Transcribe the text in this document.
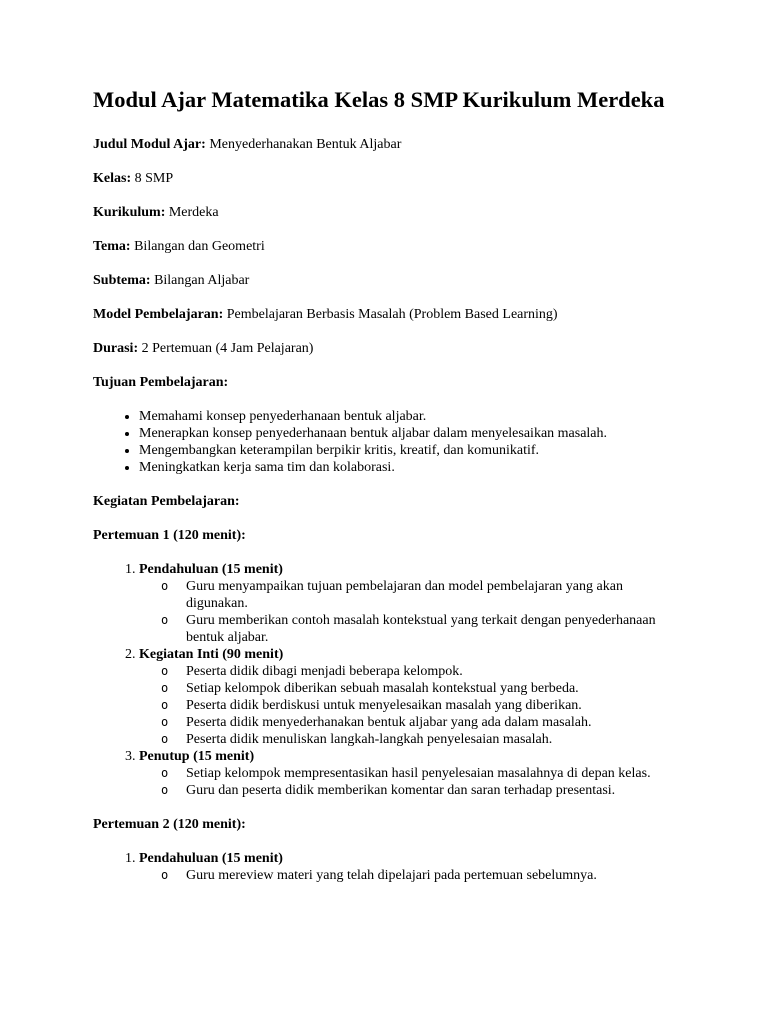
Modul Ajar Matematika Kelas 8 SMP Kurikulum Merdeka

Judul Modul Ajar: Menyederhanakan Bentuk Aljabar

Kelas: 8 SMP

Kurikulum: Merdeka

Tema: Bilangan dan Geometri

Subtema: Bilangan Aljabar

Model Pembelajaran: Pembelajaran Berbasis Masalah (Problem Based Learning)

Durasi: 2 Pertemuan (4 Jam Pelajaran)

Tujuan Pembelajaran:

• Memahami konsep penyederhanaan bentuk aljabar.
• Menerapkan konsep penyederhanaan bentuk aljabar dalam menyelesaikan masalah.
• Mengembangkan keterampilan berpikir kritis, kreatif, dan komunikatif.
• Meningkatkan kerja sama tim dan kolaborasi.

Kegiatan Pembelajaran:

Pertemuan 1 (120 menit):

1. Pendahuluan (15 menit)
o Guru menyampaikan tujuan pembelajaran dan model pembelajaran yang akan digunakan.
o Guru memberikan contoh masalah kontekstual yang terkait dengan penyederhanaan bentuk aljabar.
2. Kegiatan Inti (90 menit)
o Peserta didik dibagi menjadi beberapa kelompok.
o Setiap kelompok diberikan sebuah masalah kontekstual yang berbeda.
o Peserta didik berdiskusi untuk menyelesaikan masalah yang diberikan.
o Peserta didik menyederhanakan bentuk aljabar yang ada dalam masalah.
o Peserta didik menuliskan langkah-langkah penyelesaian masalah.
3. Penutup (15 menit)
o Setiap kelompok mempresentasikan hasil penyelesaian masalahnya di depan kelas.
o Guru dan peserta didik memberikan komentar dan saran terhadap presentasi.

Pertemuan 2 (120 menit):

1. Pendahuluan (15 menit)
o Guru mereview materi yang telah dipelajari pada pertemuan sebelumnya.
